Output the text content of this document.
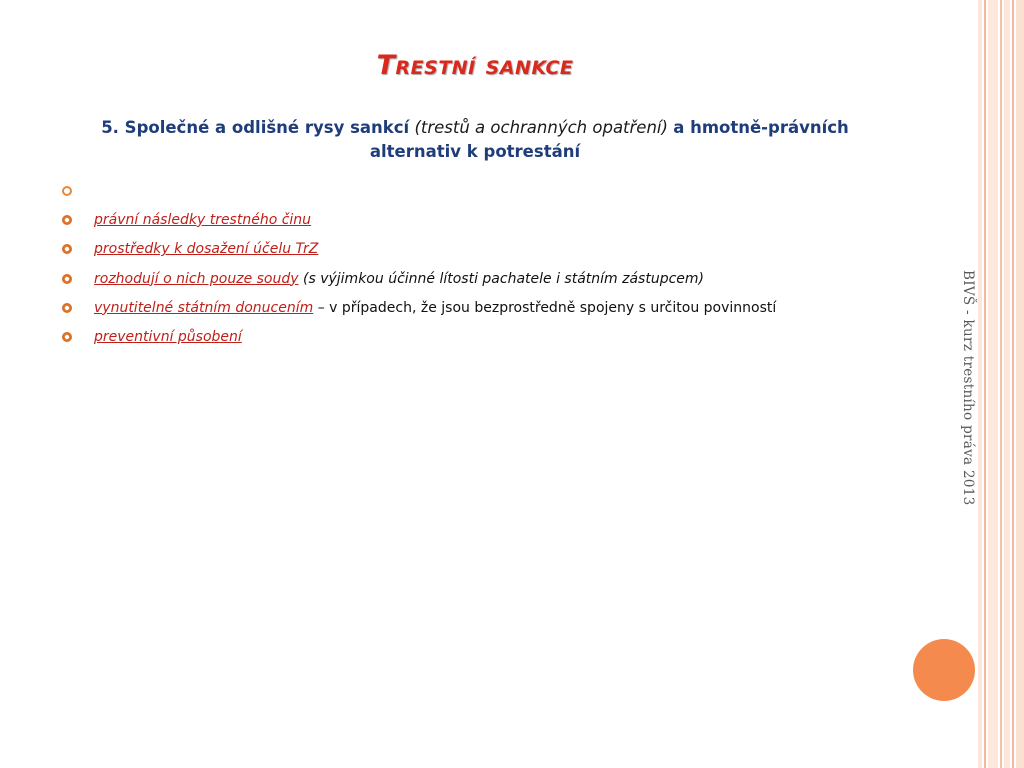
Trestní sankce

5. Společné a odlišné rysy sankcí (trestů a ochranných opatření) a hmotně-právních alternativ k potrestání

právní následky trestného činu
prostředky k dosažení účelu TrZ
rozhodují o nich pouze soudy (s výjimkou účinné lítosti pachatele i státním zástupcem)
vynutitelné státním donucením – v případech, že jsou bezprostředně spojeny s určitou povinností
preventivní působení	BIVŠ - kurz trestního práva 2013
